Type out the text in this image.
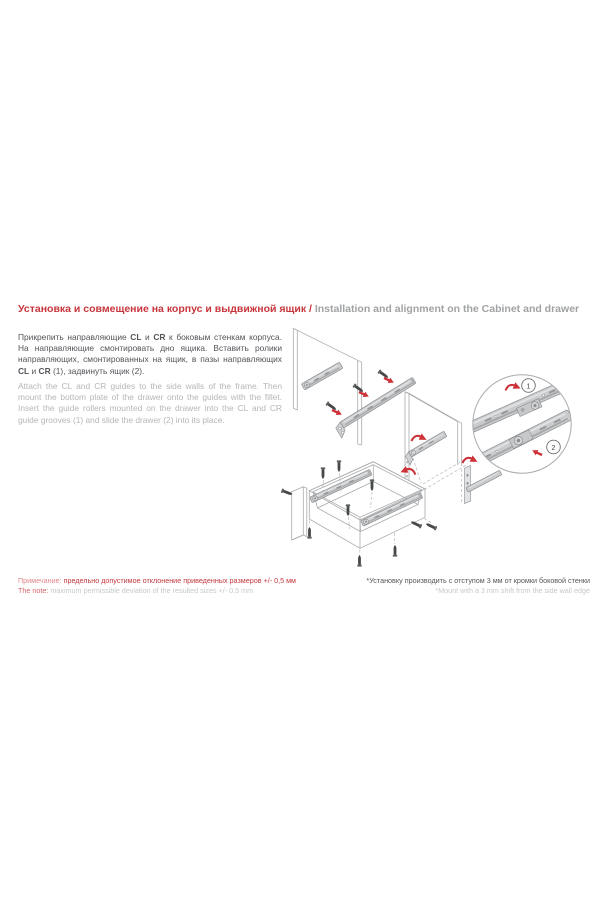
Установка и совмещение на корпус и выдвижной ящик / Installation and alignment on the Cabinet and drawer
Прикрепить направляющие CL и CR к боковым стенкам корпуса. На направляющие смонтировать дно ящика. Вставить ролики направляющих, смонтированных на ящик, в пазы направляющих CL и CR (1), задвинуть ящик (2).
Attach the CL and CR guides to the side walls of the frame. Then mount the bottom plate of the drawer onto the guides with the fillet. Insert the guide rollers mounted on the drawer into the CL and CR guide grooves (1) and slide the drawer (2) into its place.
1
2
Примечание: предельно допустимое отклонение приведенных размеров +/- 0,5 мм
The note: maximum permissible deviation of the resulted sizes +/- 0,5 mm
*Установку производить с отступом 3 мм от кромки боковой стенки
*Mount with a 3 mm shift from the side wall edge
